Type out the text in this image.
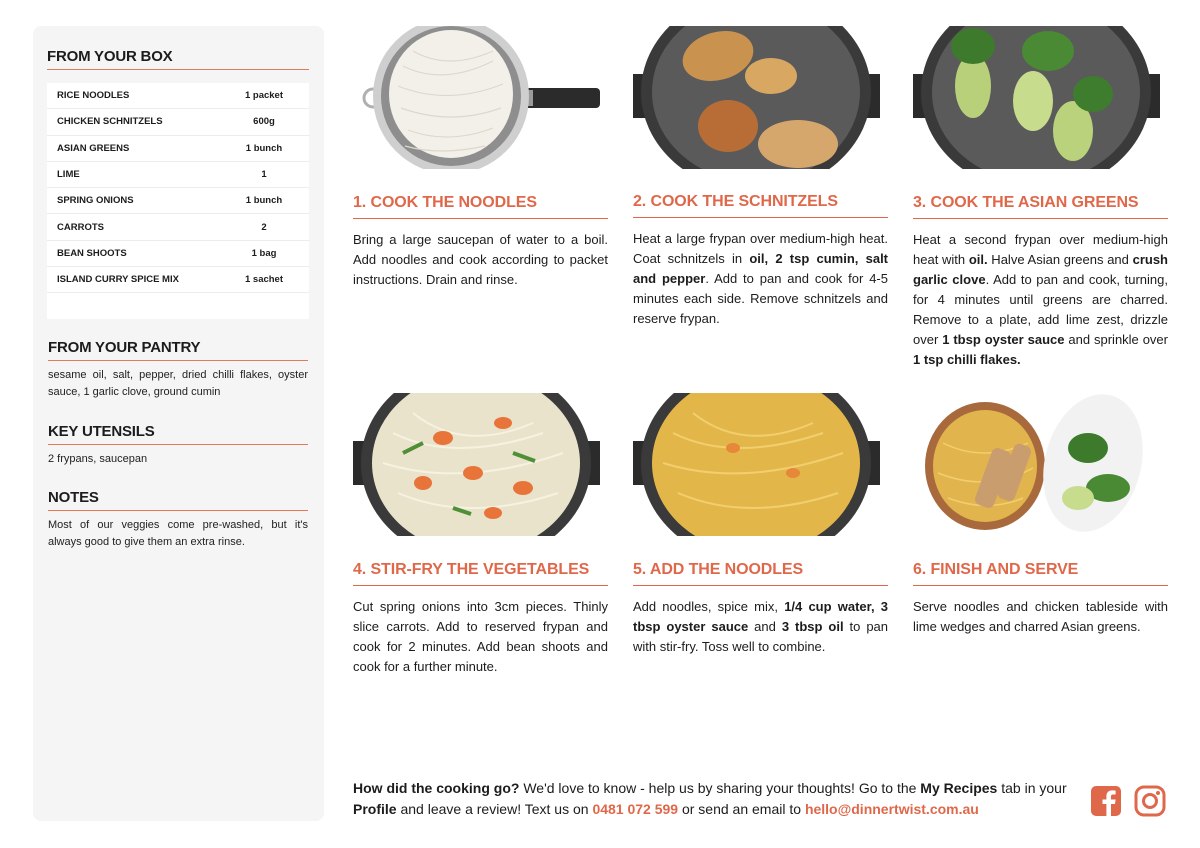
FROM YOUR BOX
RICE NOODLES	1 packet
CHICKEN SCHNITZELS	600g
ASIAN GREENS	1 bunch
LIME	1
SPRING ONIONS	1 bunch
CARROTS	2
BEAN SHOOTS	1 bag
ISLAND CURRY SPICE MIX	1 sachet
FROM YOUR PANTRY
sesame oil, salt, pepper, dried chilli flakes, oyster sauce, 1 garlic clove, ground cumin
KEY UTENSILS
2 frypans, saucepan
NOTES
Most of our veggies come pre-washed, but it's always good to give them an extra rinse.
1. COOK THE NOODLES
Bring a large saucepan of water to a boil. Add noodles and cook according to packet instructions. Drain and rinse.
2. COOK THE SCHNITZELS
Heat a large frypan over medium-high heat. Coat schnitzels in oil, 2 tsp cumin, salt and pepper. Add to pan and cook for 4-5 minutes each side. Remove schnitzels and reserve frypan.
3. COOK THE ASIAN GREENS
Heat a second frypan over medium-high heat with oil. Halve Asian greens and crush garlic clove. Add to pan and cook, turning, for 4 minutes until greens are charred. Remove to a plate, add lime zest, drizzle over 1 tbsp oyster sauce and sprinkle over 1 tsp chilli flakes.
4. STIR-FRY THE VEGETABLES
Cut spring onions into 3cm pieces. Thinly slice carrots. Add to reserved frypan and cook for 2 minutes. Add bean shoots and cook for a further minute.
5. ADD THE NOODLES
Add noodles, spice mix, 1/4 cup water, 3 tbsp oyster sauce and 3 tbsp oil to pan with stir-fry. Toss well to combine.
6. FINISH AND SERVE
Serve noodles and chicken tableside with lime wedges and charred Asian greens.
How did the cooking go? We'd love to know - help us by sharing your thoughts! Go to the My Recipes tab in your Profile and leave a review! Text us on 0481 072 599 or send an email to hello@dinnertwist.com.au
